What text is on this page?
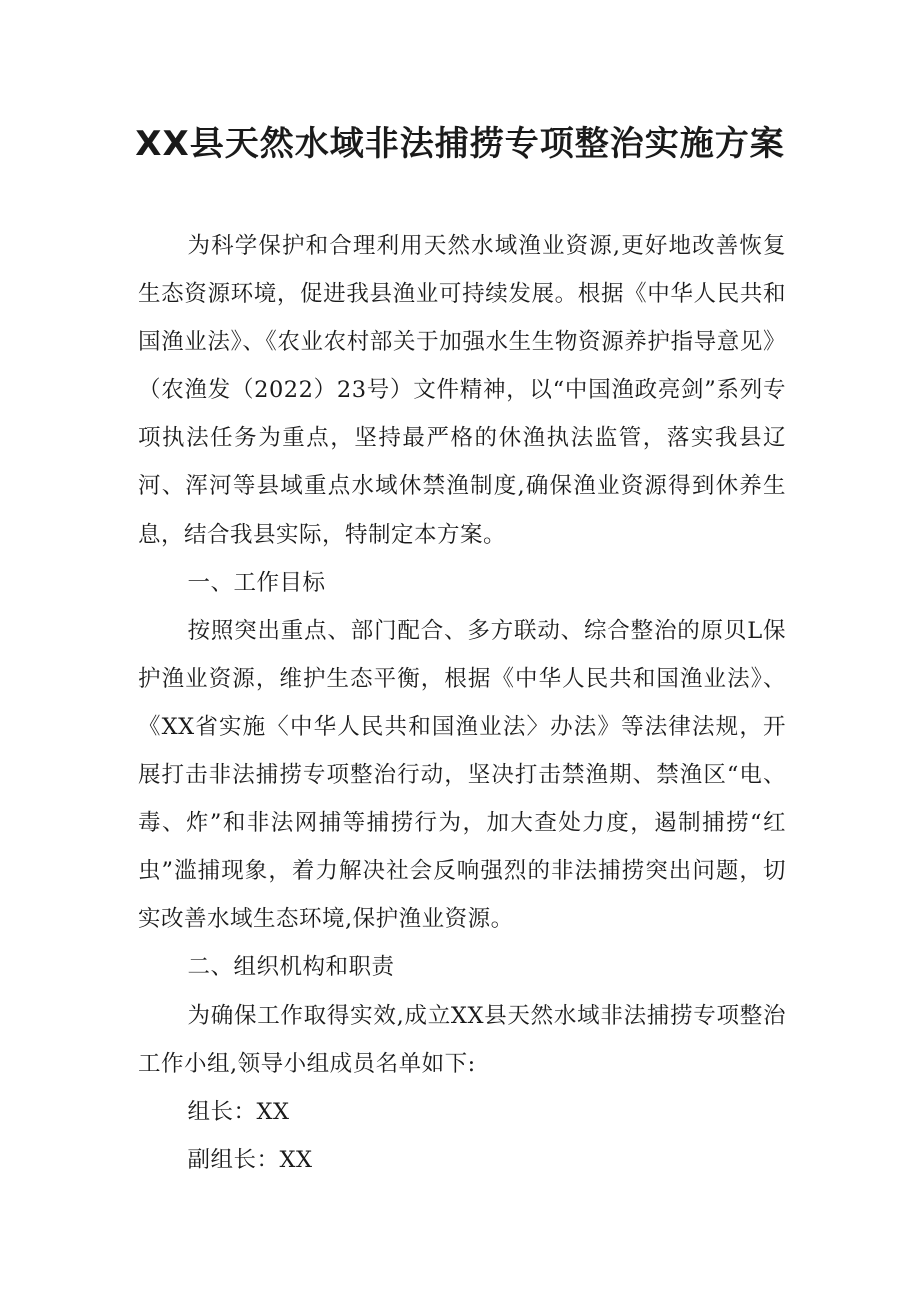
XX县天然水域非法捕捞专项整治实施方案

为科学保护和合理利用天然水域渔业资源,更好地改善恢复生态资源环境，促进我县渔业可持续发展。根据《中华人民共和国渔业法》、《农业农村部关于加强水生生物资源养护指导意见》（农渔发（2022）23号）文件精神，以“中国渔政亮剑”系列专项执法任务为重点，坚持最严格的休渔执法监管，落实我县辽河、浑河等县域重点水域休禁渔制度,确保渔业资源得到休养生息，结合我县实际，特制定本方案。

一、工作目标

按照突出重点、部门配合、多方联动、综合整治的原贝L保护渔业资源，维护生态平衡，根据《中华人民共和国渔业法》、《XX省实施〈中华人民共和国渔业法〉办法》等法律法规，开展打击非法捕捞专项整治行动，坚决打击禁渔期、禁渔区“电、毒、炸”和非法网捕等捕捞行为，加大查处力度，遏制捕捞“红虫”滥捕现象，着力解决社会反响强烈的非法捕捞突出问题，切实改善水域生态环境,保护渔业资源。

二、组织机构和职责

为确保工作取得实效,成立XX县天然水域非法捕捞专项整治工作小组,领导小组成员名单如下:

组长：XX

副组长：XX
